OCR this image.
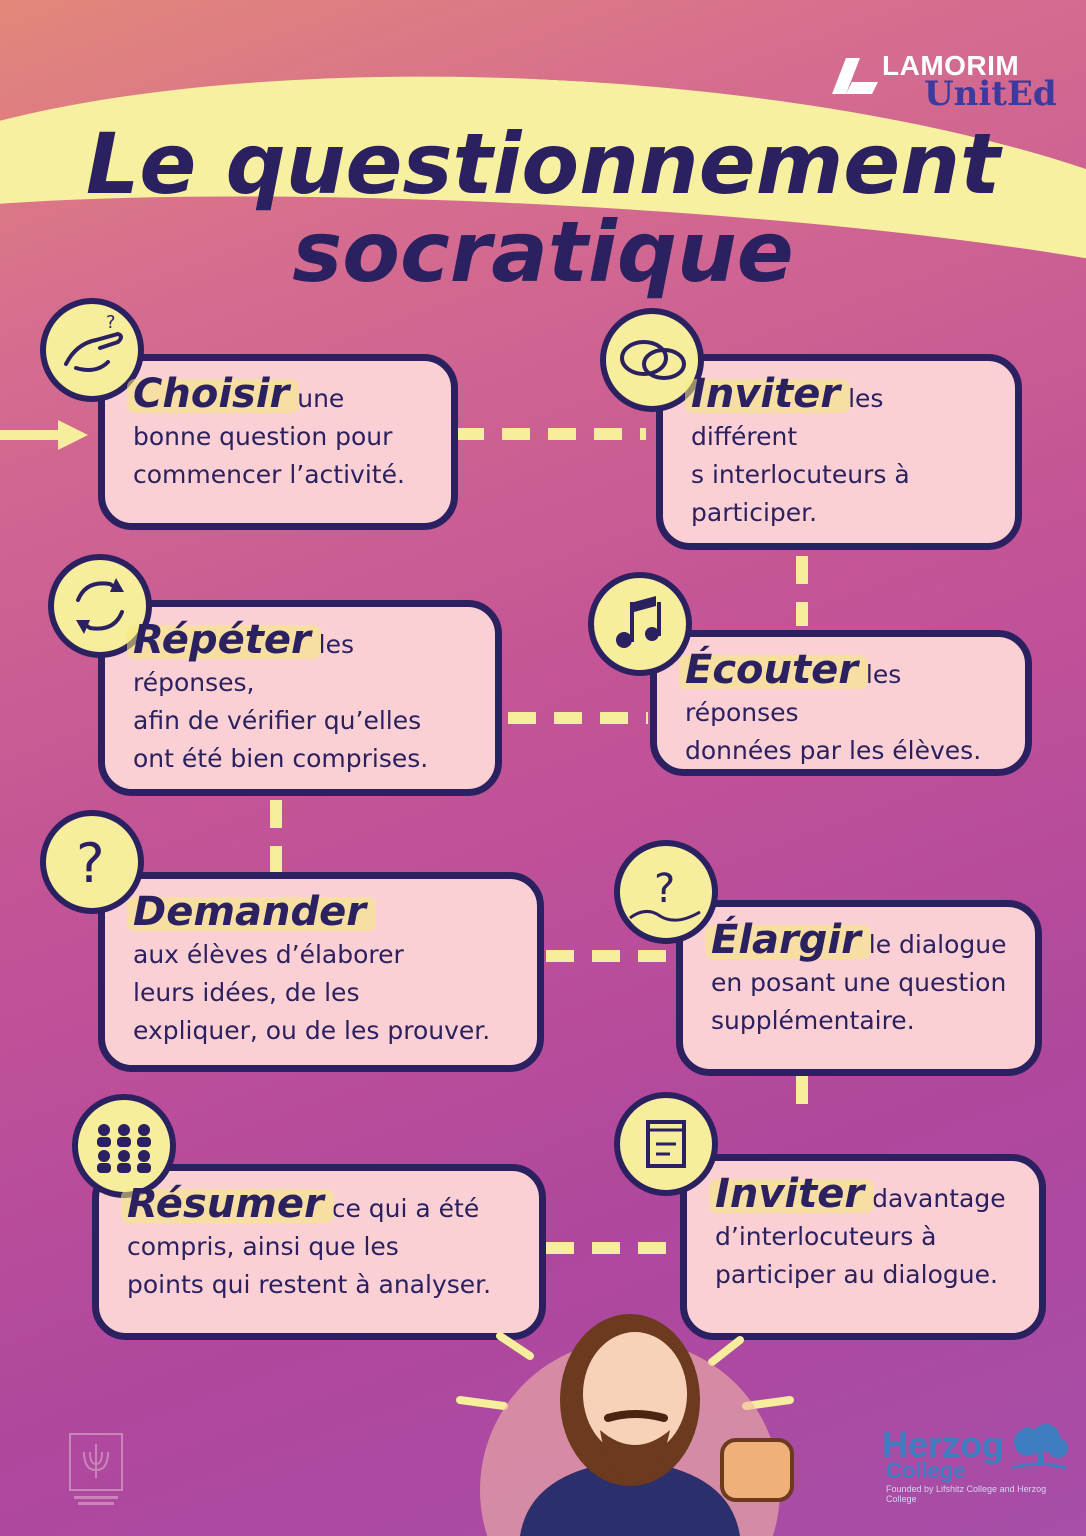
LAMORIM
UnitEd
Le questionnement
socratique
Choisir une
bonne question pour
commencer l’activité.
?
Inviter les différent
s interlocuteurs à
participer.
Répéter les réponses,
afin de vérifier qu’elles
ont été bien comprises.
Écouter les réponses
données par les élèves.
Demander
aux élèves d’élaborer
leurs idées, de les
expliquer, ou de les prouver.
?
Élargir le dialogue
en posant une question
supplémentaire.
?
Résumer ce qui a été
compris, ainsi que les
points qui restent à analyser.
Inviter davantage
d’interlocuteurs à
participer au dialogue.
Herzog
College
Founded by Lifshitz College and Herzog College
